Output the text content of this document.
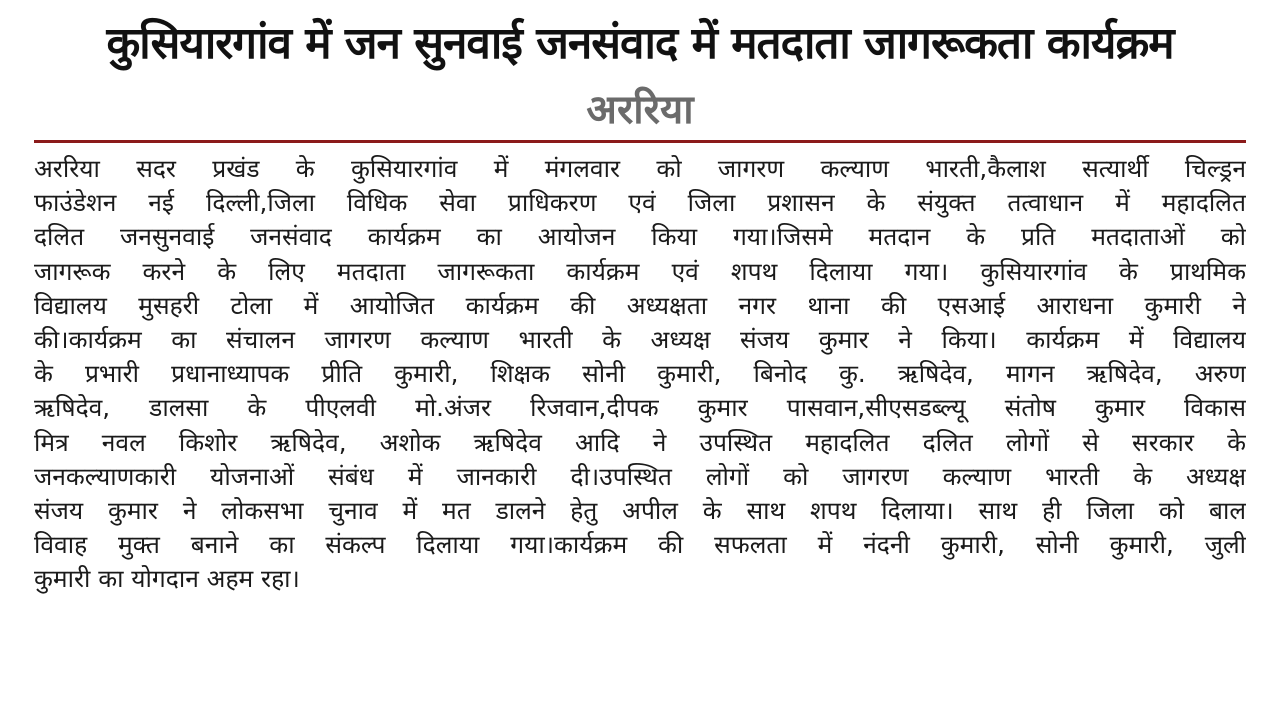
कुसियारगांव में जन सुनवाई जनसंवाद में मतदाता जागरूकता कार्यक्रम
अररिया
अररिया सदर प्रखंड के कुसियारगांव में मंगलवार को जागरण कल्याण भारती,कैलाश सत्यार्थी चिल्ड्रन
फाउंडेशन नई दिल्ली,जिला विधिक सेवा प्राधिकरण एवं जिला प्रशासन के संयुक्त तत्वाधान में महादलित
दलित जनसुनवाई जनसंवाद कार्यक्रम का आयोजन किया गया।जिसमे मतदान के प्रति मतदाताओं को
जागरूक करने के लिए मतदाता जागरूकता कार्यक्रम एवं शपथ दिलाया गया। कुसियारगांव के प्राथमिक
विद्यालय मुसहरी टोला में आयोजित कार्यक्रम की अध्यक्षता नगर थाना की एसआई आराधना कुमारी ने
की।कार्यक्रम का संचालन जागरण कल्याण भारती के अध्यक्ष संजय कुमार ने किया। कार्यक्रम में विद्यालय
के प्रभारी प्रधानाध्यापक प्रीति कुमारी, शिक्षक सोनी कुमारी, बिनोद कु. ऋषिदेव, मागन ऋषिदेव, अरुण
ऋषिदेव, डालसा के पीएलवी मो.अंजर रिजवान,दीपक कुमार पासवान,सीएसडब्ल्यू संतोष कुमार विकास
मित्र नवल किशोर ऋषिदेव, अशोक ऋषिदेव आदि ने उपस्थित महादलित दलित लोगों से सरकार के
जनकल्याणकारी योजनाओं संबंध में जानकारी दी।उपस्थित लोगों को जागरण कल्याण भारती के अध्यक्ष
संजय कुमार ने लोकसभा चुनाव में मत डालने हेतु अपील के साथ शपथ दिलाया। साथ ही जिला को बाल
विवाह मुक्त बनाने का संकल्प दिलाया गया।कार्यक्रम की सफलता में नंदनी कुमारी, सोनी कुमारी, जुली
कुमारी का योगदान अहम रहा।
